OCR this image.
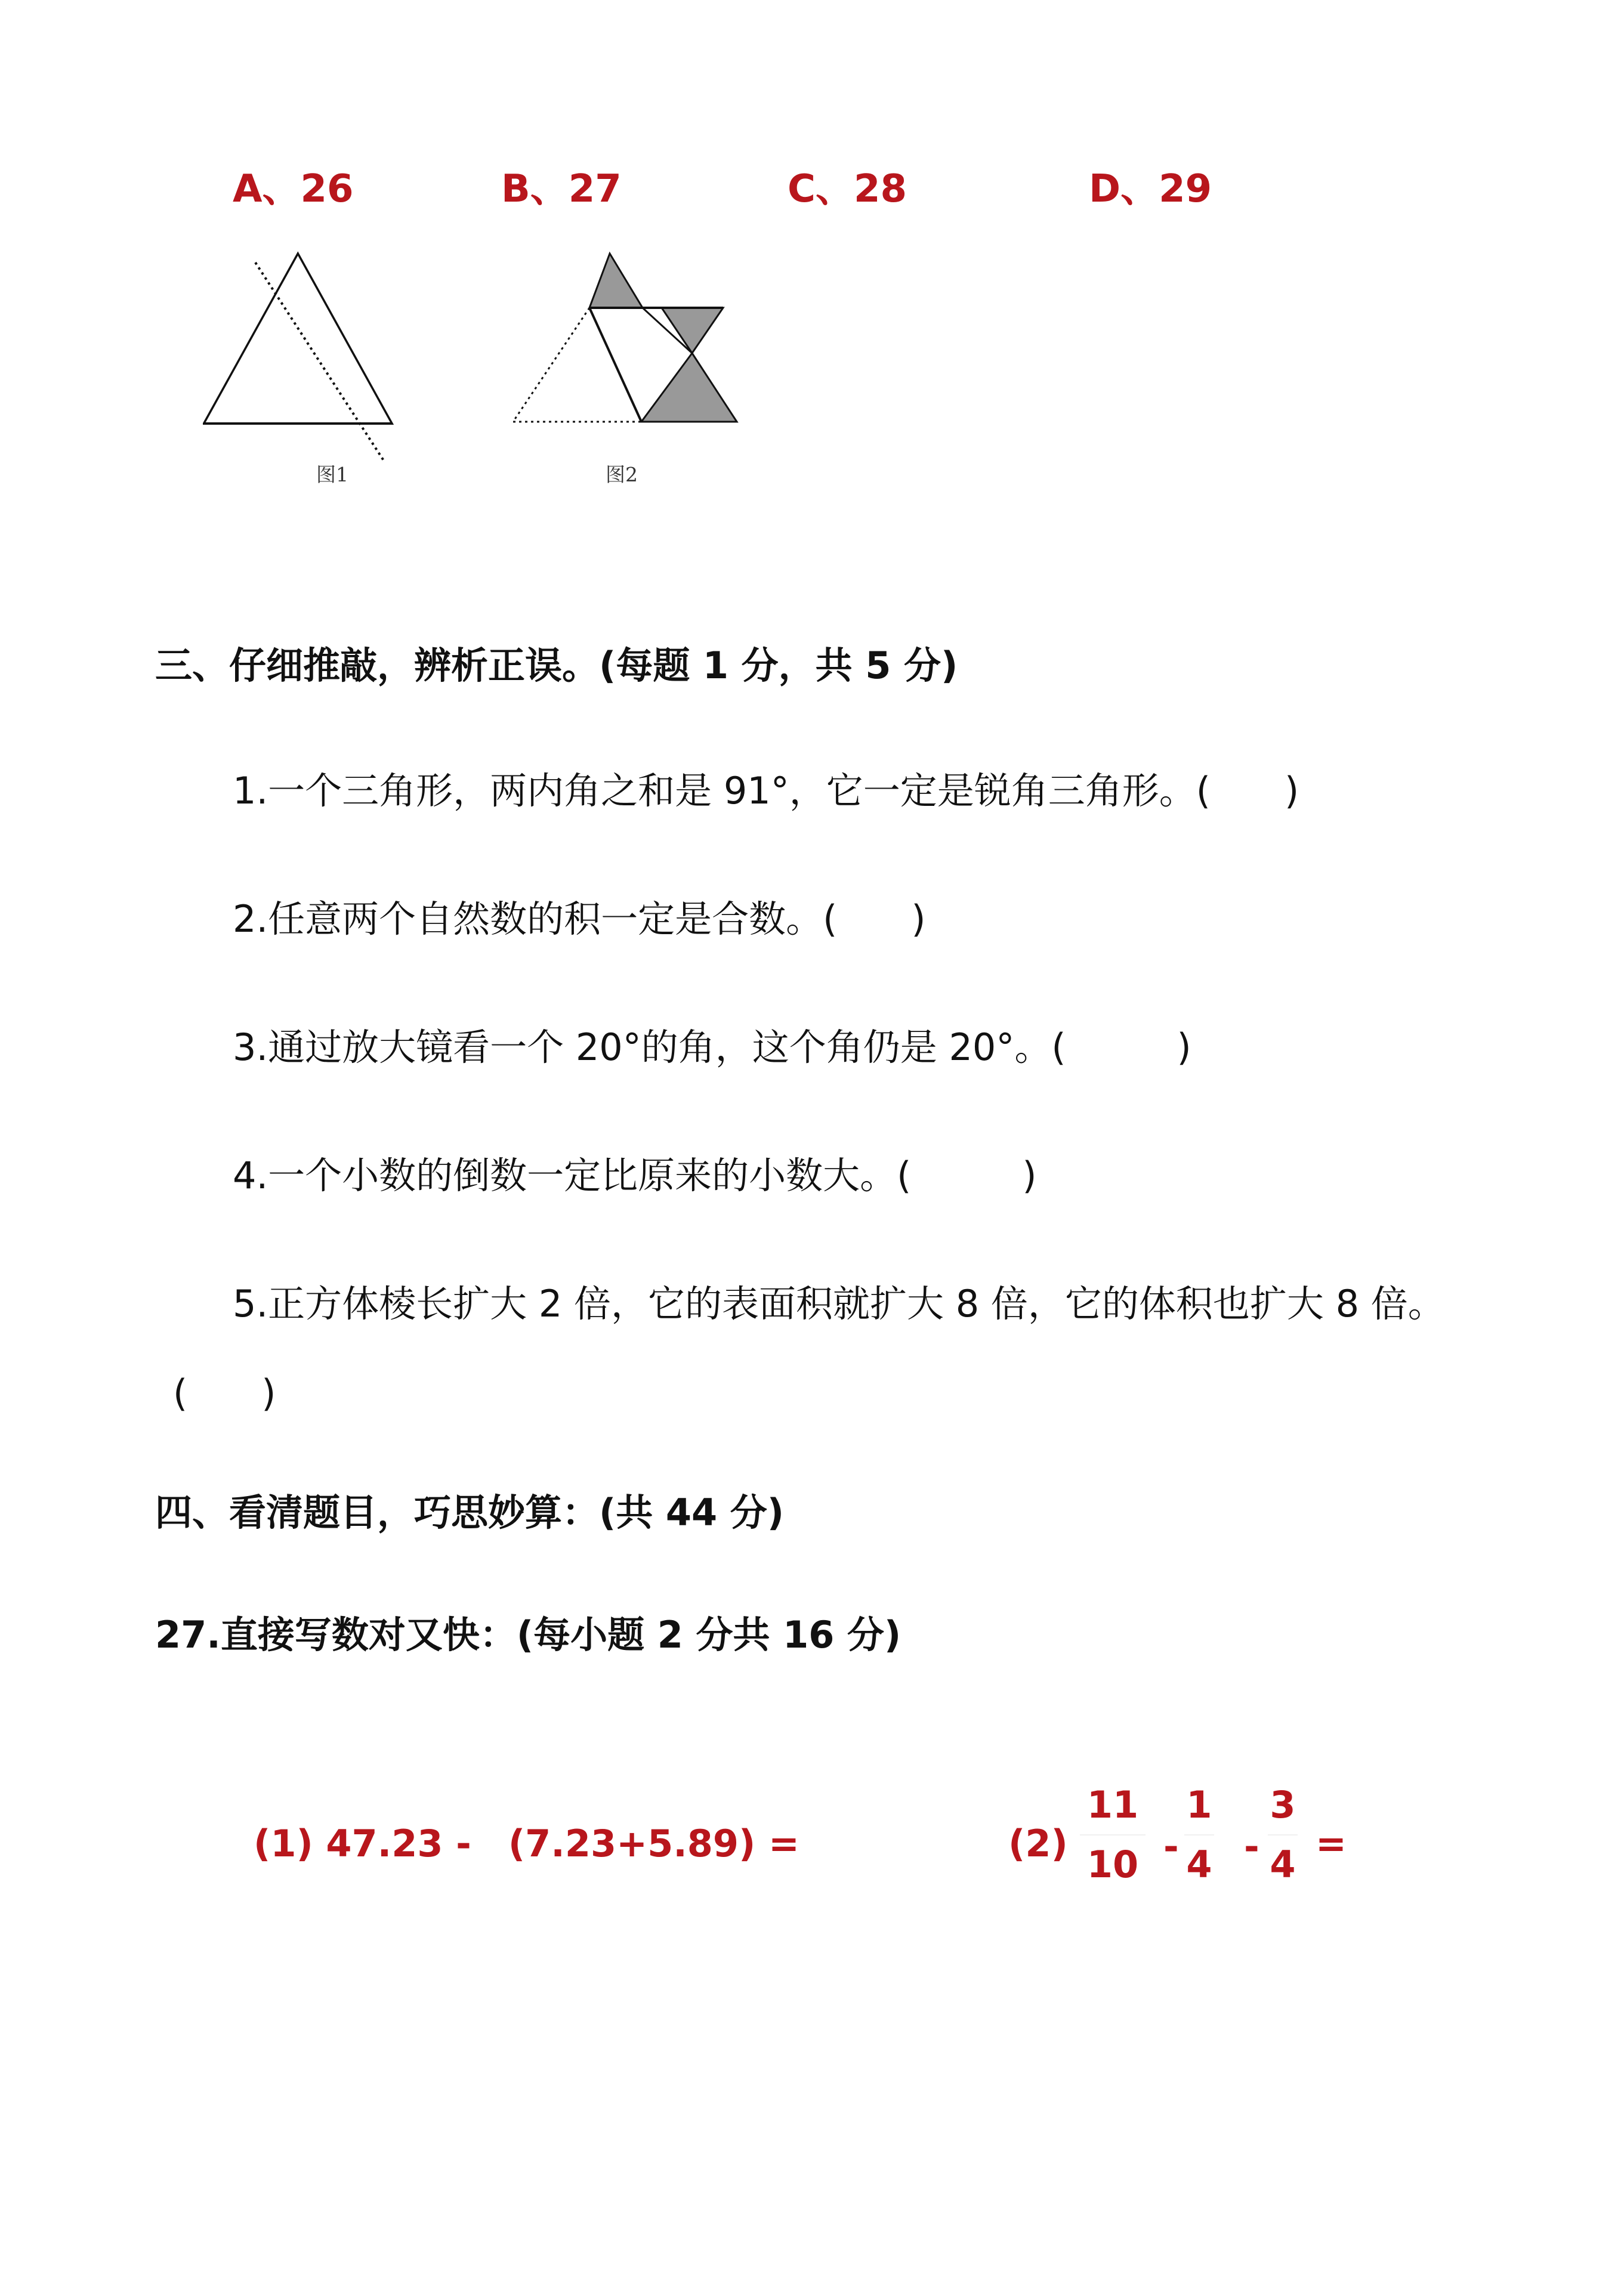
A、26	B、27	C、28	D、29
图1	图2
三、仔细推敲，辨析正误。(每题 1 分，共 5 分)
1.一个三角形，两内角之和是 91°，它一定是锐角三角形。(　　)
2.任意两个自然数的积一定是合数。(　　)
3.通过放大镜看一个 20°的角，这个角仍是 20°。(　　　)
4.一个小数的倒数一定比原来的小数大。(　　　)
5.正方体棱长扩大 2 倍，它的表面积就扩大 8 倍，它的体积也扩大 8 倍。
(　　)
四、看清题目，巧思妙算：(共 44 分)
27.直接写数对又快：(每小题 2 分共 16 分)
(1) 47.23 -　(7.23+5.89) =	(2)
11
10 -
1
4 -
3
4 =
